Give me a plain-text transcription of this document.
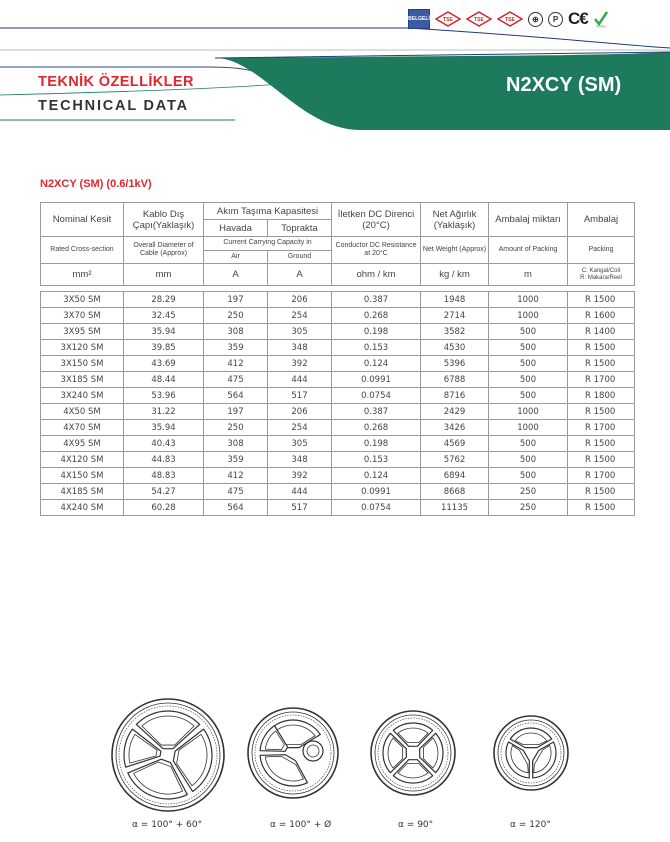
BELGELİ	TSE	TSE	TSE	⊕	P C€ RoHS
TEKNİK ÖZELLİKLER
TECHNICAL DATA
N2XCY (SM)
N2XCY (SM) (0.6/1kV)
Nominal Kesit	Kablo Dış Çapı(Yaklaşık)	Akım Taşıma Kapasitesi		İletken DC Direnci (20°C)	Net Ağırlık (Yaklaşık)	Ambalaj miktarı	Ambalaj
		Havada	Toprakta				
Rated Cross-section	Overall Diameter of Cable (Approx)	Current Carrying Capacity in		Conductor DC Resistance at 20°C	Net Weight (Approx)	Amount of Packing	Packing
		Air	Ground				
mm²	mm	A	A	ohm / km	kg / km	m	C: Kangal/Coil
R: Makara/Reel

3X50 SM	28.29	197	206	0.387	1948	1000	R 1500
3X70 SM	32.45	250	254	0.268	2714	1000	R 1600
3X95 SM	35.94	308	305	0.198	3582	500	R 1400
3X120 SM	39.85	359	348	0.153	4530	500	R 1500
3X150 SM	43.69	412	392	0.124	5396	500	R 1500
3X185 SM	48.44	475	444	0.0991	6788	500	R 1700
3X240 SM	53.96	564	517	0.0754	8716	500	R 1800
4X50 SM	31.22	197	206	0.387	2429	1000	R 1500
4X70 SM	35.94	250	254	0.268	3426	1000	R 1700
4X95 SM	40.43	308	305	0.198	4569	500	R 1500
4X120 SM	44.83	359	348	0.153	5762	500	R 1500
4X150 SM	48.83	412	392	0.124	6894	500	R 1700
4X185 SM	54.27	475	444	0.0991	8668	250	R 1500
4X240 SM	60.28	564	517	0.0754	11135	250	R 1500
α = 100° + 60°	α = 100° + Ø	α = 90°	α = 120°
